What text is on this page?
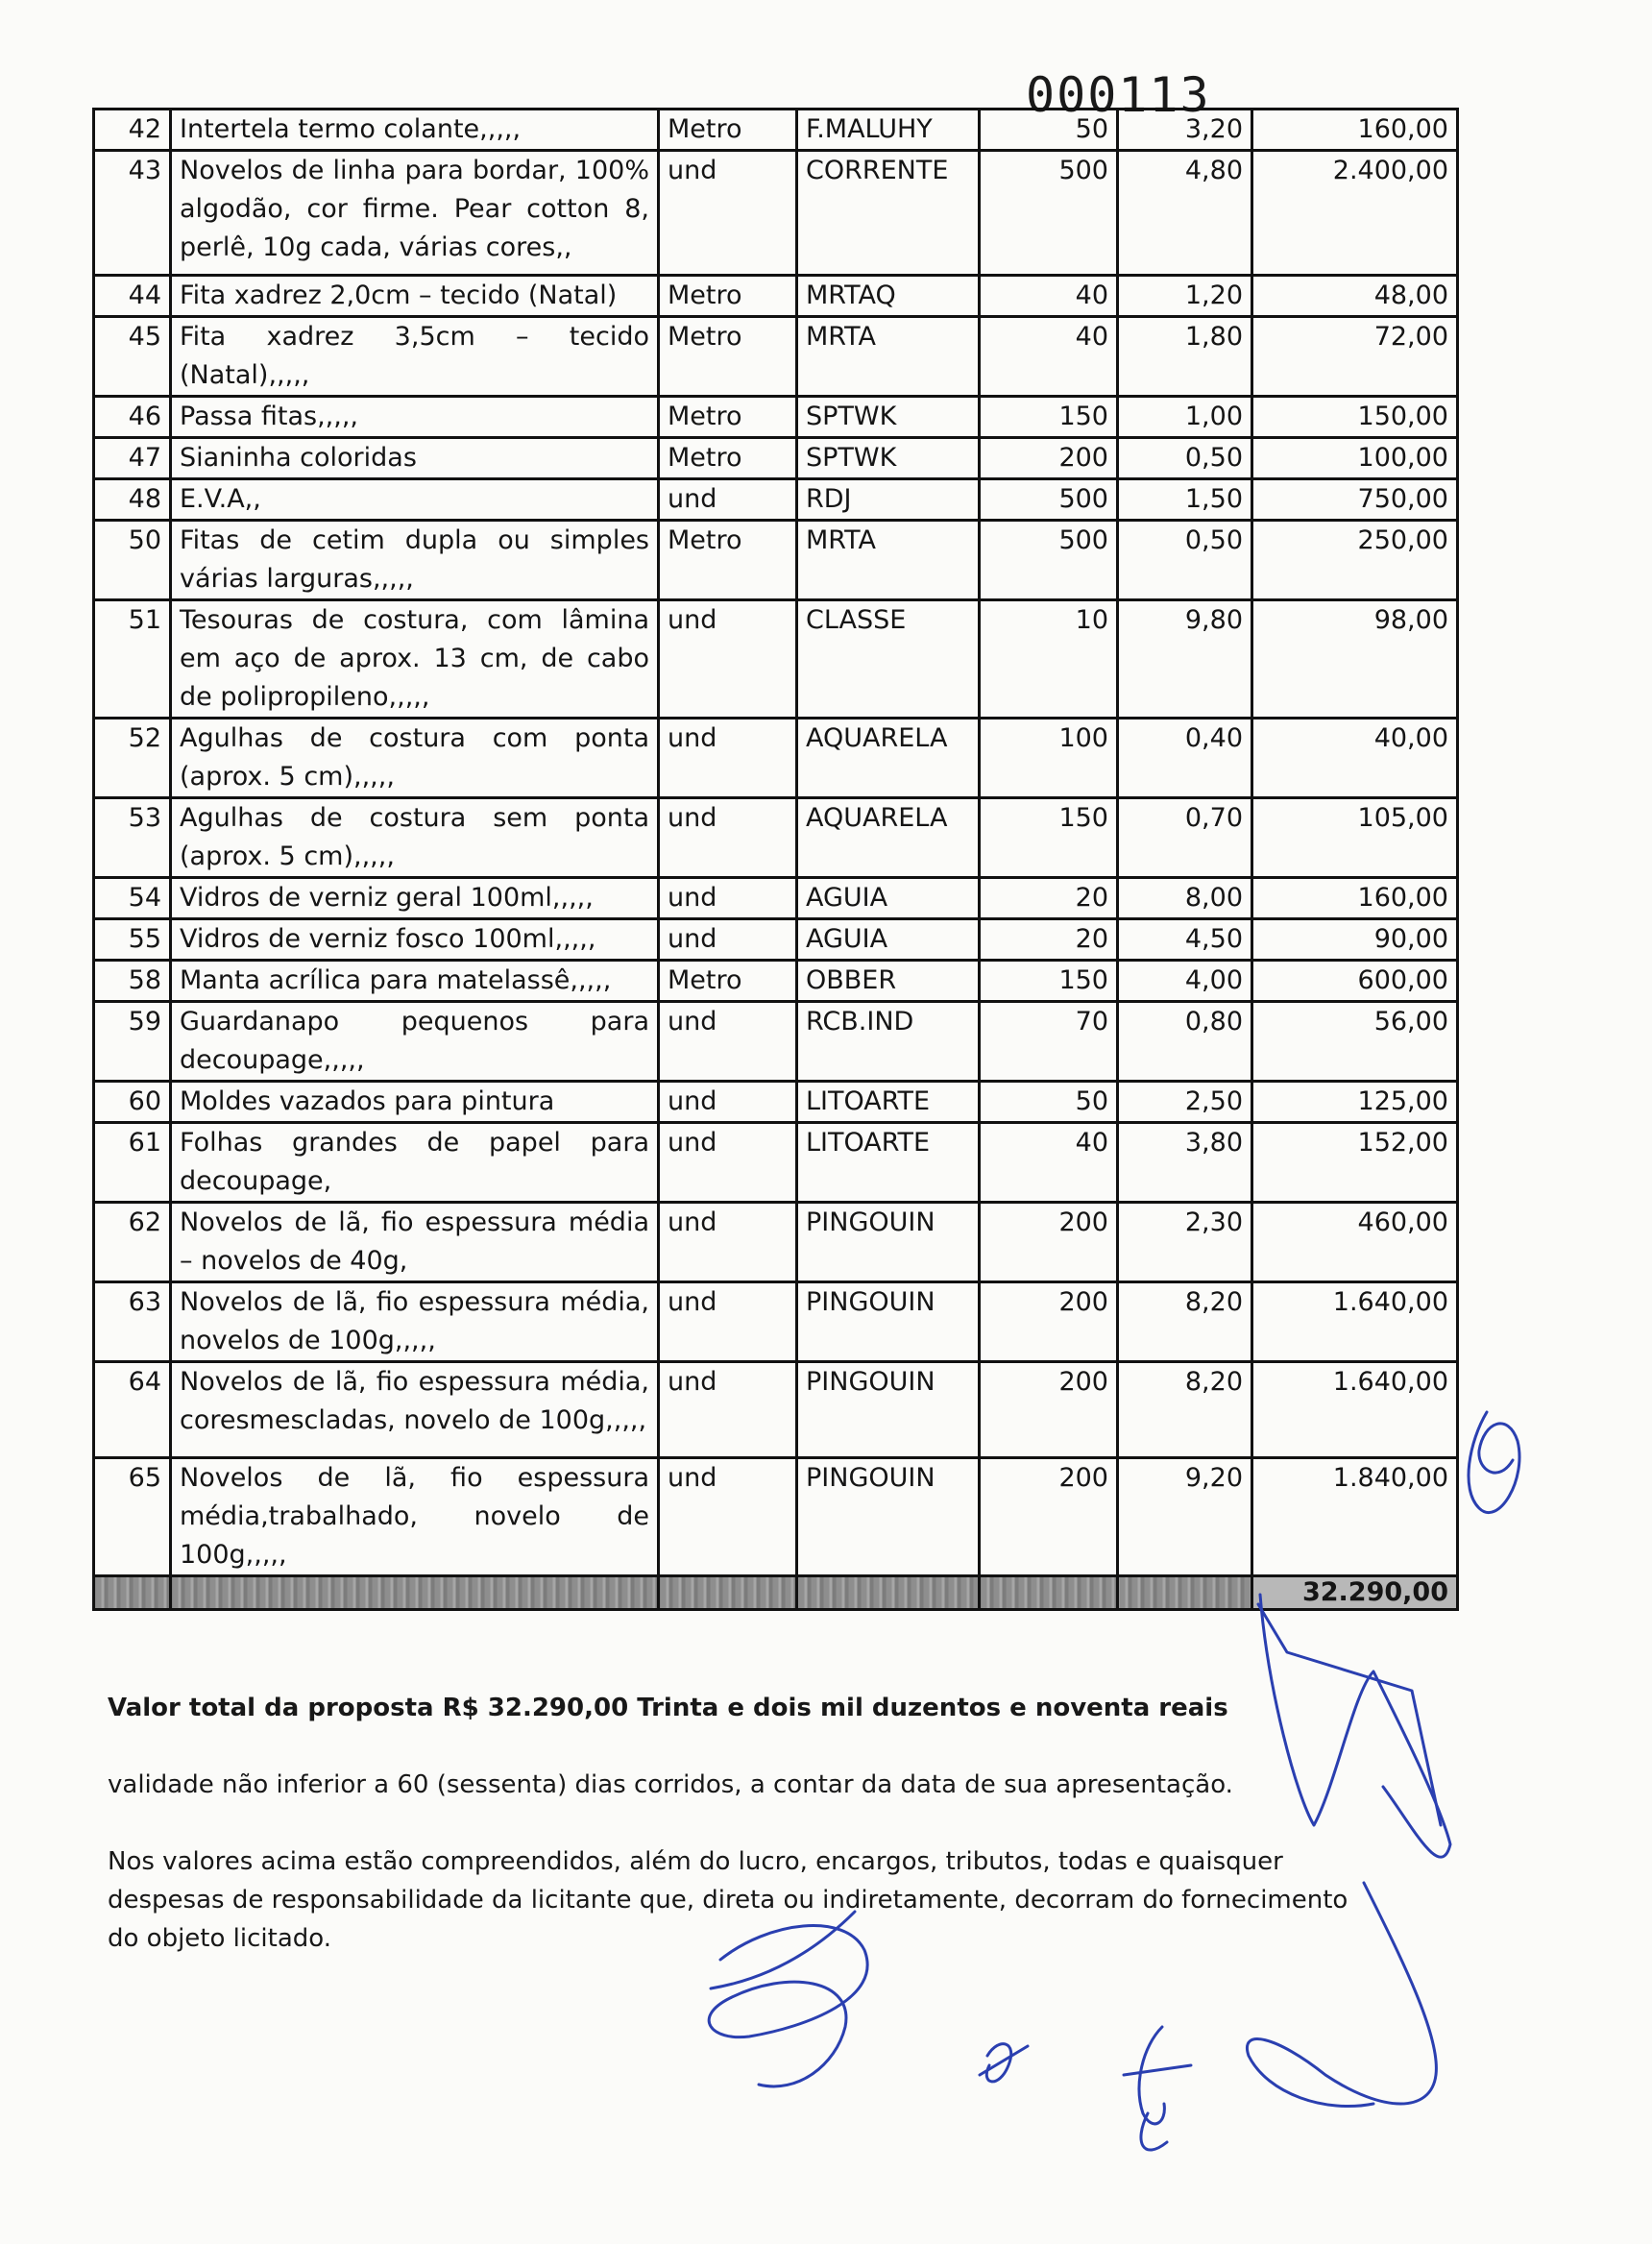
000113
42	Intertela termo colante,,,,,	Metro	F.MALUHY	50	3,20	160,00
43	Novelos de linha para bordar, 100% algodão, cor firme. Pear cotton 8, perlê, 10g cada, várias cores,,	und	CORRENTE	500	4,80	2.400,00
44	Fita xadrez 2,0cm – tecido (Natal)	Metro	MRTAQ	40	1,20	48,00
45	Fita xadrez 3,5cm – tecido (Natal),,,,,	Metro	MRTA	40	1,80	72,00
46	Passa fitas,,,,,	Metro	SPTWK	150	1,00	150,00
47	Sianinha coloridas	Metro	SPTWK	200	0,50	100,00
48	E.V.A,,	und	RDJ	500	1,50	750,00
50	Fitas de cetim dupla ou simples várias larguras,,,,,	Metro	MRTA	500	0,50	250,00
51	Tesouras de costura, com lâmina em aço de aprox. 13 cm, de cabo de polipropileno,,,,,	und	CLASSE	10	9,80	98,00
52	Agulhas de costura com ponta (aprox. 5 cm),,,,,	und	AQUARELA	100	0,40	40,00
53	Agulhas de costura sem ponta (aprox. 5 cm),,,,,	und	AQUARELA	150	0,70	105,00
54	Vidros de verniz geral 100ml,,,,,	und	AGUIA	20	8,00	160,00
55	Vidros de verniz fosco 100ml,,,,,	und	AGUIA	20	4,50	90,00
58	Manta acrílica para matelassê,,,,,	Metro	OBBER	150	4,00	600,00
59	Guardanapo pequenos para decoupage,,,,,	und	RCB.IND	70	0,80	56,00
60	Moldes vazados para pintura	und	LITOARTE	50	2,50	125,00
61	Folhas grandes de papel para decoupage,	und	LITOARTE	40	3,80	152,00
62	Novelos de lã, fio espessura média – novelos de 40g,	und	PINGOUIN	200	2,30	460,00
63	Novelos de lã, fio espessura média, novelos de 100g,,,,,	und	PINGOUIN	200	8,20	1.640,00
64	Novelos de lã, fio espessura média, coresmescladas, novelo de 100g,,,,,	und	PINGOUIN	200	8,20	1.640,00
65	Novelos de lã, fio espessura média,trabalhado, novelo de 100g,,,,,	und	PINGOUIN	200	9,20	1.840,00
						32.290,00
Valor total da proposta R$ 32.290,00 Trinta e dois mil duzentos e noventa reais
validade não inferior a 60 (sessenta) dias corridos, a contar da data de sua apresentação.
Nos valores acima estão compreendidos, além do lucro, encargos, tributos, todas e quaisquer despesas de responsabilidade da licitante que, direta ou indiretamente, decorram do fornecimento
do objeto licitado.
